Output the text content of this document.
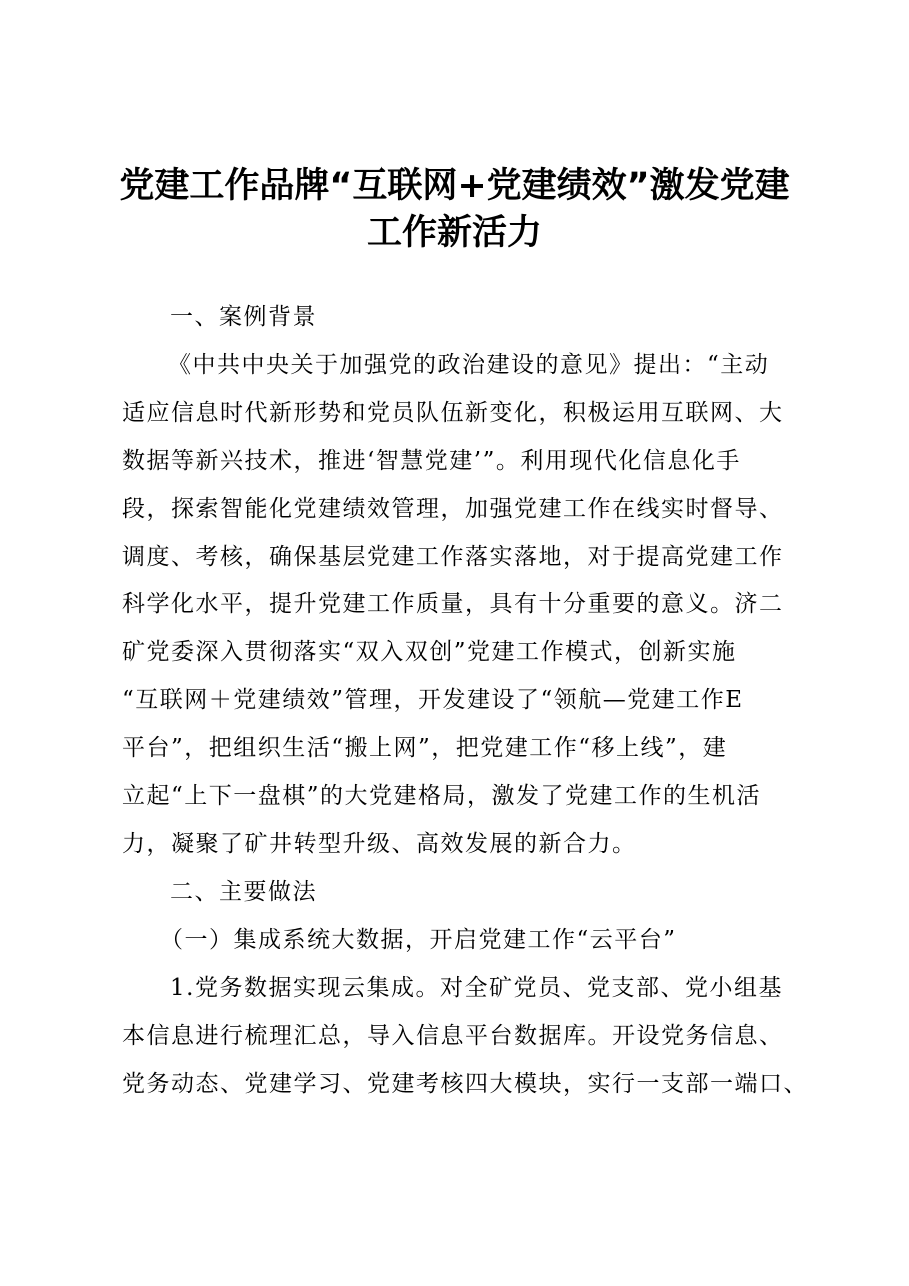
党建工作品牌“互联网+党建绩效”激发党建
工作新活力
一、案例背景
《中共中央关于加强党的政治建设的意见》提出：“主动
适应信息时代新形势和党员队伍新变化，积极运用互联网、大
数据等新兴技术，推进‘智慧党建’”。利用现代化信息化手
段，探索智能化党建绩效管理，加强党建工作在线实时督导、
调度、考核，确保基层党建工作落实落地，对于提高党建工作
科学化水平，提升党建工作质量，具有十分重要的意义。济二
矿党委深入贯彻落实“双入双创”党建工作模式，创新实施
“互联网＋党建绩效”管理，开发建设了“领航—党建工作E
平台”，把组织生活“搬上网”，把党建工作“移上线”，建
立起“上下一盘棋”的大党建格局，激发了党建工作的生机活
力，凝聚了矿井转型升级、高效发展的新合力。
二、主要做法
（一）集成系统大数据，开启党建工作“云平台”
1.党务数据实现云集成。对全矿党员、党支部、党小组基
本信息进行梳理汇总，导入信息平台数据库。开设党务信息、
党务动态、党建学习、党建考核四大模块，实行一支部一端口、
